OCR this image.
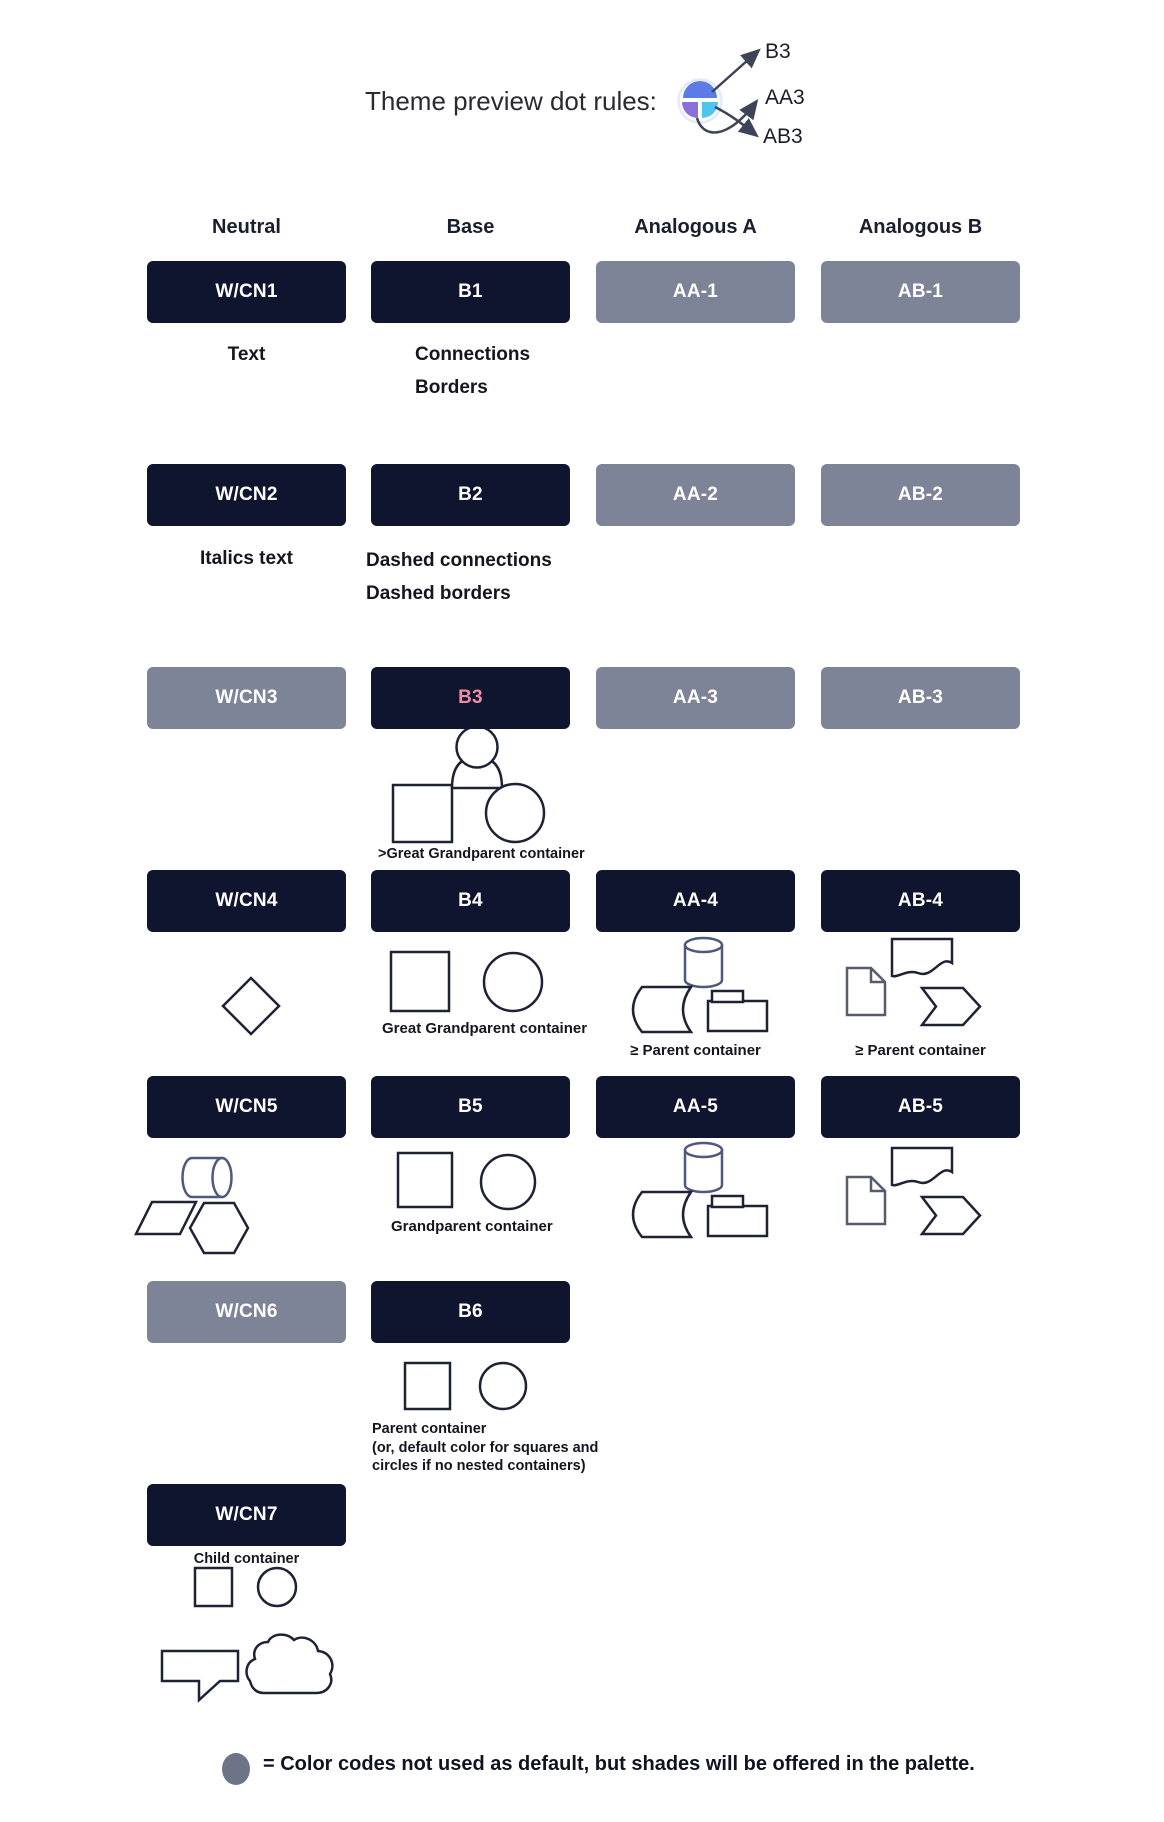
Theme preview dot rules:
B3
AA3
AB3
Neutral	Base	Analogous A	Analogous B
W/CN1	B1	AA-1	AB-1
W/CN2	B2	AA-2	AB-2
W/CN3	B3	AA-3	AB-3
W/CN4	B4	AA-4	AB-4
W/CN5	B5	AA-5	AB-5
W/CN6	B6
W/CN7
Text	Connections
Borders
Italics text	Dashed connections
Dashed borders
>Great Grandparent container
Great Grandparent container
≥ Parent container	≥ Parent container
Grandparent container
Parent container
(or, default color for squares and
circles if no nested containers)
Child container
= Color codes not used as default, but shades will be offered in the palette.
